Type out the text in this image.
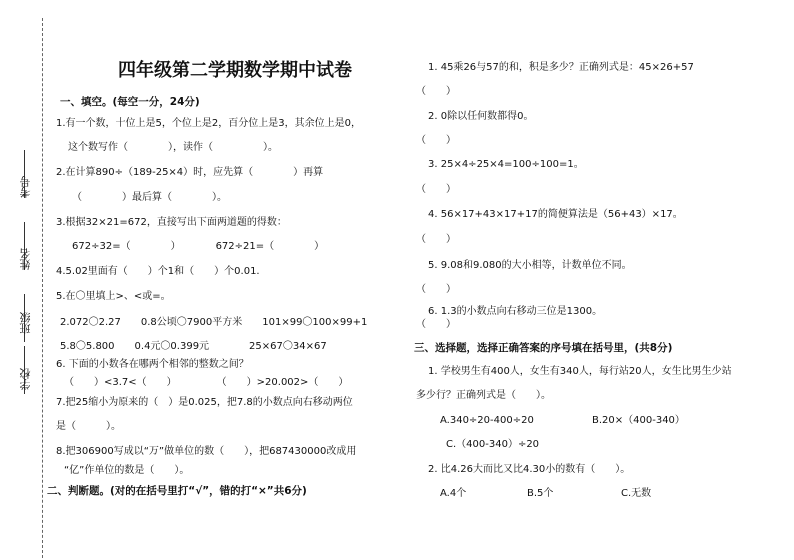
考号
姓名
班级
学校
四年级第二学期数学期中试卷
一、填空。(每空一分，24分)
1.有一个数，十位上是5，个位上是2，百分位上是3，其余位上是0，
这个数写作（　　　　），读作（　　　　　）。
2.在计算890÷（189-25×4）时，应先算（　　　　）再算
（　　　　）最后算（　　　　）。
3.根据32×21=672，直接写出下面两道题的得数：
672÷32=（　　　　）　　　　672÷21=（　　　　）
4.5.02里面有（　　）个1和（　　）个0.01.
5.在〇里填上>、<或=。
2.072〇2.27　　0.8公顷〇7900平方米　　101×99〇100×99+1
5.8〇5.800　　0.4元〇0.399元　　　　25×67〇34×67
6. 下面的小数各在哪两个相邻的整数之间？
（　　）<3.7<（　　）　　　　　（　　）>20.002>（　　）
7.把25缩小为原来的（　）是0.025，把7.8的小数点向右移动两位
是（　　　）。
8.把306900写成以“万”做单位的数（　　），把687430000改成用
“亿”作单位的数是（　　）。
二、判断题。(对的在括号里打“√”，错的打“×”共6分)
1. 45乘26与57的和，积是多少？正确列式是：45×26+57
（　　）
2. 0除以任何数都得0。
（　　）
3. 25×4÷25×4=100÷100=1。
（　　）
4. 56×17+43×17+17的简便算法是（56+43）×17。
（　　）
5. 9.08和9.080的大小相等，计数单位不同。
（　　）
6. 1.3的小数点向右移动三位是1300。
（　　）
三、选择题，选择正确答案的序号填在括号里，(共8分)
1. 学校男生有400人，女生有340人，每行站20人，女生比男生少站
多少行？正确列式是（　　）。
A.340÷20-400÷20	B.20×（400-340）
C.（400-340）÷20
2. 比4.26大而比又比4.30小的数有（　　）。
A.4个	B.5个	C.无数
